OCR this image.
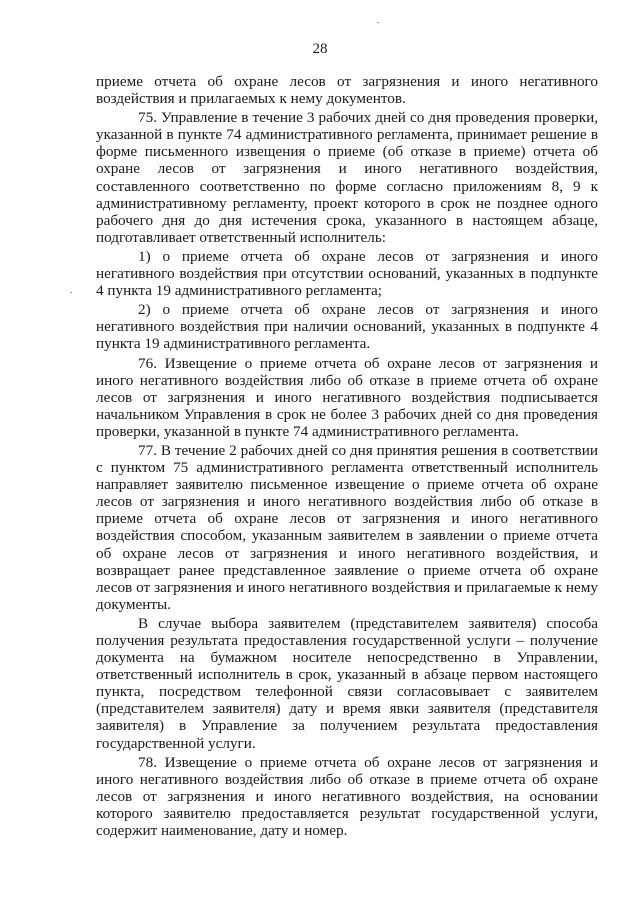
28

приеме отчета об охране лесов от загрязнения и иного негативного воздействия и прилагаемых к нему документов.

75. Управление в течение 3 рабочих дней со дня проведения проверки, указанной в пункте 74 административного регламента, принимает решение в форме письменного извещения о приеме (об отказе в приеме) отчета об охране лесов от загрязнения и иного негативного воздействия, составленного соответственно по форме согласно приложениям 8, 9 к административному регламенту, проект которого в срок не позднее одного рабочего дня до дня истечения срока, указанного в настоящем абзаце, подготавливает ответственный исполнитель:

1) о приеме отчета об охране лесов от загрязнения и иного негативного воздействия при отсутствии оснований, указанных в подпункте 4 пункта 19 административного регламента;

2) о приеме отчета об охране лесов от загрязнения и иного негативного воздействия при наличии оснований, указанных в подпункте 4 пункта 19 административного регламента.

76. Извещение о приеме отчета об охране лесов от загрязнения и иного негативного воздействия либо об отказе в приеме отчета об охране лесов от загрязнения и иного негативного воздействия подписывается начальником Управления в срок не более 3 рабочих дней со дня проведения проверки, указанной в пункте 74 административного регламента.

77. В течение 2 рабочих дней со дня принятия решения в соответствии с пунктом 75 административного регламента ответственный исполнитель направляет заявителю письменное извещение о приеме отчета об охране лесов от загрязнения и иного негативного воздействия либо об отказе в приеме отчета об охране лесов от загрязнения и иного негативного воздействия способом, указанным заявителем в заявлении о приеме отчета об охране лесов от загрязнения и иного негативного воздействия, и возвращает ранее представленное заявление о приеме отчета об охране лесов от загрязнения и иного негативного воздействия и прилагаемые к нему документы.

В случае выбора заявителем (представителем заявителя) способа получения результата предоставления государственной услуги – получение документа на бумажном носителе непосредственно в Управлении, ответственный исполнитель в срок, указанный в абзаце первом настоящего пункта, посредством телефонной связи согласовывает с заявителем (представителем заявителя) дату и время явки заявителя (представителя заявителя) в Управление за получением результата предоставления государственной услуги.

78. Извещение о приеме отчета об охране лесов от загрязнения и иного негативного воздействия либо об отказе в приеме отчета об охране лесов от загрязнения и иного негативного воздействия, на основании которого заявителю предоставляется результат государственной услуги, содержит наименование, дату и номер.
